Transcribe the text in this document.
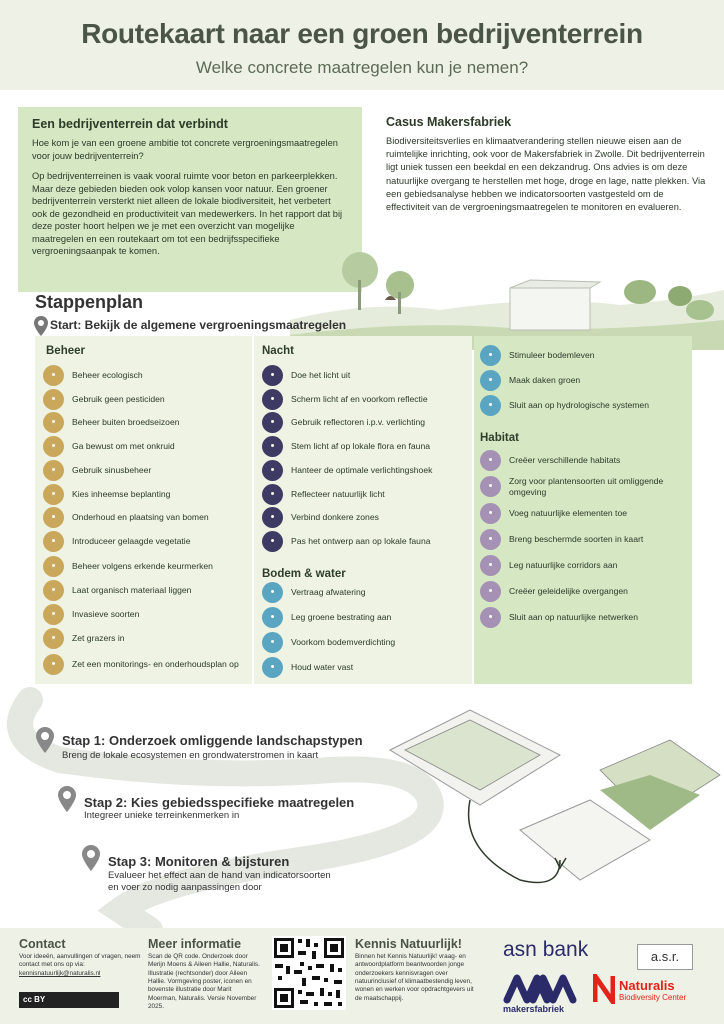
Routekaart naar een groen bedrijventerrein
Welke concrete maatregelen kun je nemen?
Een bedrijventerrein dat verbindt

Hoe kom je van een groene ambitie tot concrete vergroeningsmaatregelen voor jouw bedrijventerrein?

Op bedrijventerreinen is vaak vooral ruimte voor beton en parkeerplekken. Maar deze gebieden bieden ook volop kansen voor natuur. Een groener bedrijventerrein versterkt niet alleen de lokale biodiversiteit, het verbetert ook de gezondheid en productiviteit van medewerkers. In het rapport dat bij deze poster hoort helpen we je met een overzicht van mogelijke maatregelen en een routekaart om tot een bedrijfsspecifieke vergroeningsaanpak te komen.

Casus Makersfabriek

Biodiversiteitsverlies en klimaatverandering stellen nieuwe eisen aan de ruimtelijke inrichting, ook voor de Makersfabriek in Zwolle. Dit bedrijventerrein ligt uniek tussen een beekdal en een dekzandrug. Ons advies is om deze natuurlijke overgang te herstellen met hoge, droge en lage, natte plekken. Via een gebiedsanalyse hebben we indicatorsoorten vastgesteld om de effectiviteit van de vergroeningsmaatregelen te monitoren en evalueren.

Stappenplan
Start: Bekijk de algemene vergroeningsmaatregelen
Beheer
•	Beheer ecologisch
•	Gebruik geen pesticiden
•	Beheer buiten broedseizoen
•	Ga bewust om met onkruid
•	Gebruik sinusbeheer
•	Kies inheemse beplanting
•	Onderhoud en plaatsing van bomen
•	Introduceer gelaagde vegetatie
•	Beheer volgens erkende keurmerken
•	Laat organisch materiaal liggen
•	Invasieve soorten
•	Zet grazers in
•	Zet een monitorings- en onderhoudsplan op
Nacht
•	Doe het licht uit
•	Scherm licht af en voorkom reflectie
•	Gebruik reflectoren i.p.v. verlichting
•	Stem licht af op lokale flora en fauna
•	Hanteer de optimale verlichtingshoek
•	Reflecteer natuurlijk licht
•	Verbind donkere zones
•	Pas het ontwerp aan op lokale fauna
Bodem & water
•	Vertraag afwatering
•	Leg groene bestrating aan
•	Voorkom bodemverdichting
•	Houd water vast
•	Stimuleer bodemleven
•	Maak daken groen
•	Sluit aan op hydrologische systemen
Habitat
•	Creëer verschillende habitats
•	Zorg voor plantensoorten uit omliggende omgeving
•	Voeg natuurlijke elementen toe
•	Breng beschermde soorten in kaart
•	Leg natuurlijke corridors aan
•	Creëer geleidelijke overgangen
•	Sluit aan op natuurlijke netwerken
Stap 1: Onderzoek omliggende landschapstypen

Breng de lokale ecosystemen en grondwaterstromen in kaart

Stap 2: Kies gebiedsspecifieke maatregelen

Integreer unieke terreinkenmerken in

Stap 3: Monitoren & bijsturen

Evalueer het effect aan de hand van indicatorsoorten

en voer zo nodig aanpassingen door

Contact
Voor ideeën, aanvullingen of vragen, neem contact met ons op via:
kennisnatuurlijk@naturalis.nl
cc BY
Meer informatie
Scan de QR code. Onderzoek door Merijn Moens & Aileen Hallie, Naturalis. Illustratie (rechtsonder) door Aileen Hallie. Vormgeving poster, iconen en bovenste illustratie door Marit Moerman, Naturalis. Versie November 2025.
Kennis Natuurlijk!
Binnen het Kennis Natuurlijk! vraag- en antwoordplatform beantwoorden jonge onderzoekers kennisvragen over natuurinclusief of klimaatbestendig leven, wonen en werken voor opdrachtgevers uit de maatschappij.
asn bank	a.s.r.
makersfabriek
Naturalis
Biodiversity Center
